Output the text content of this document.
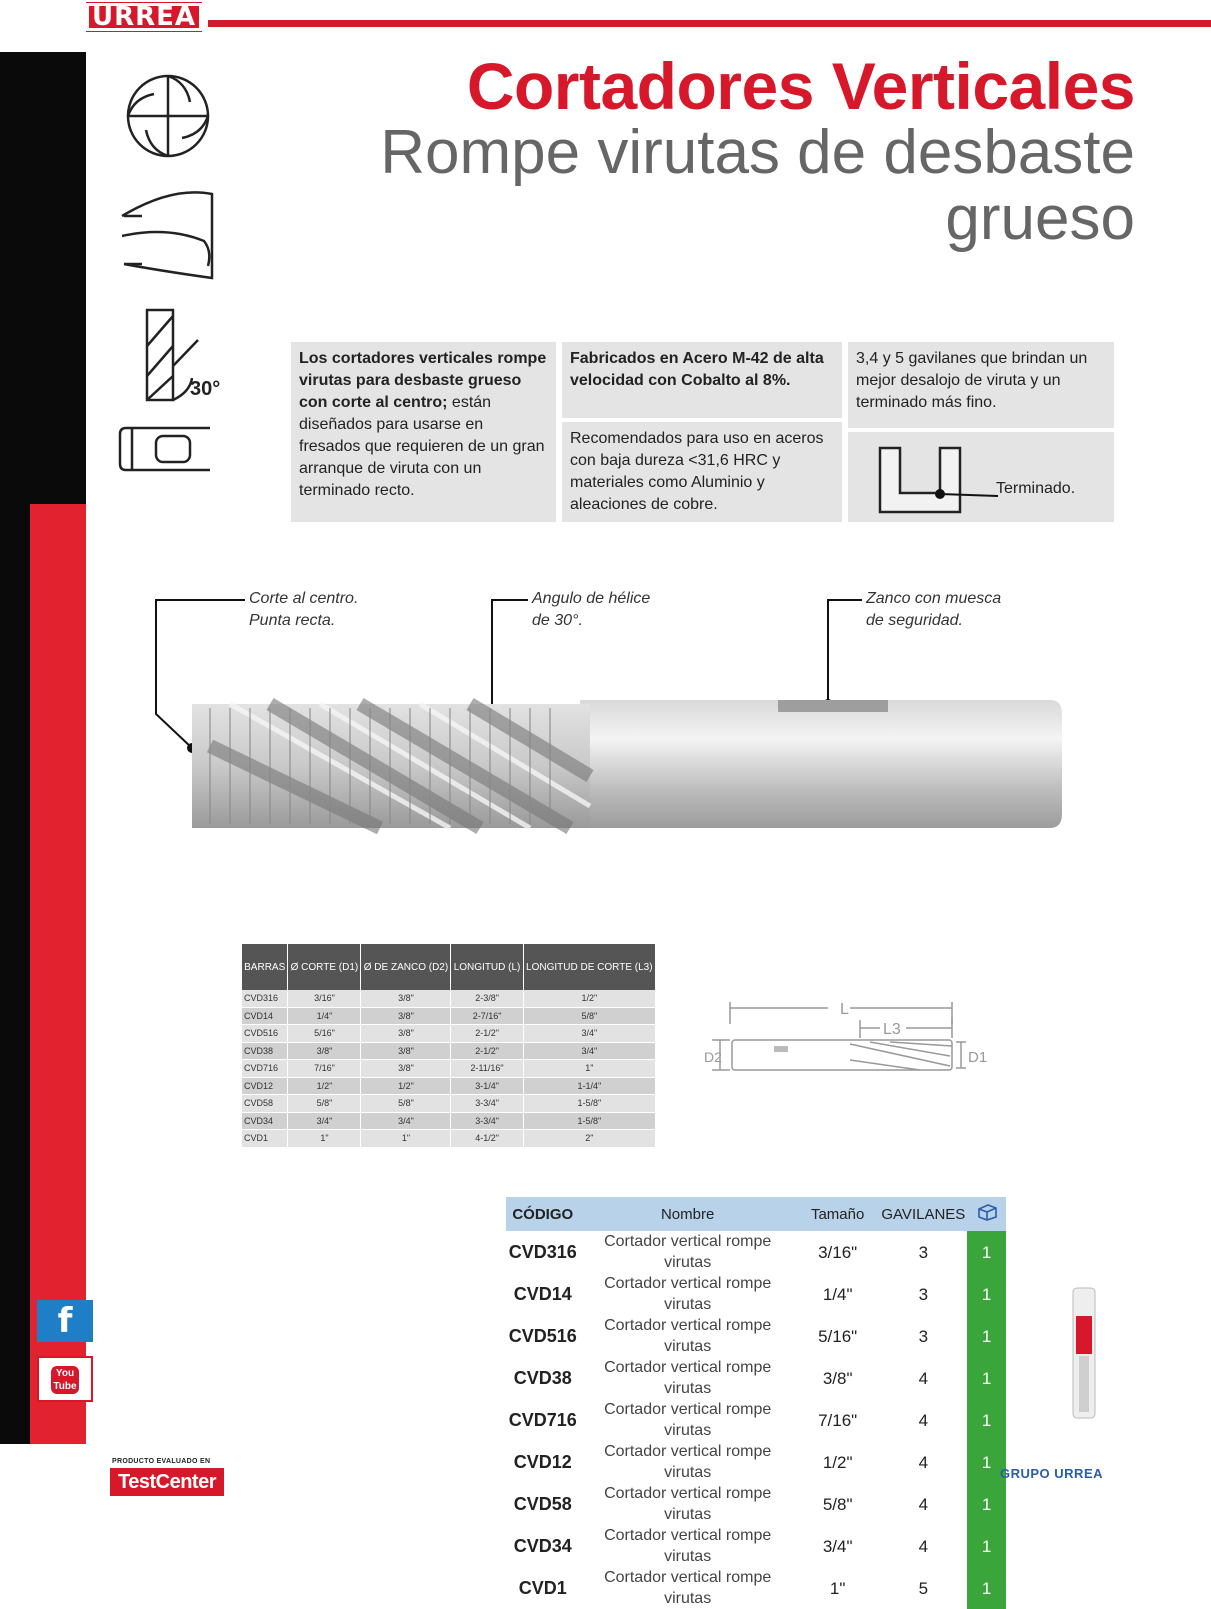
URREA
f
You Tube
30°
Cortadores Verticales
Rompe virutas de desbaste grueso
Los cortadores verticales rompe virutas para desbaste grueso con corte al centro; están diseñados para usarse en fresados que requieren de un gran arranque de viruta con un terminado recto.
Fabricados en Acero M-42 de alta velocidad con Cobalto al 8%.
Recomendados para uso en aceros con baja dureza <31,6 HRC y materiales como Aluminio y aleaciones de cobre.
3,4 y 5 gavilanes que brindan un mejor desalojo de viruta y un terminado más fino.
Terminado.
Corte al centro.
Punta recta.
Angulo de hélice
de 30°.
Zanco con muesca
de seguridad.
BARRAS	Ø CORTE (D1)	Ø DE ZANCO (D2)	LONGITUD (L)	LONGITUD DE CORTE (L3)
CVD316	3/16"	3/8"	2-3/8"	1/2"
CVD14	1/4"	3/8"	2-7/16"	5/8"
CVD516	5/16"	3/8"	2-1/2"	3/4"
CVD38	3/8"	3/8"	2-1/2"	3/4"
CVD716	7/16"	3/8"	2-11/16"	1"
CVD12	1/2"	1/2"	3-1/4"	1-1/4"
CVD58	5/8"	5/8"	3-3/4"	1-5/8"
CVD34	3/4"	3/4"	3-3/4"	1-5/8"
CVD1	1"	1"	4-1/2"	2"
L
L3
D2	D1
CÓDIGO	Nombre	Tamaño	GAVILANES	
CVD316	Cortador vertical rompe virutas	3/16"	3	1
CVD14	Cortador vertical rompe virutas	1/4"	3	1
CVD516	Cortador vertical rompe virutas	5/16"	3	1
CVD38	Cortador vertical rompe virutas	3/8"	4	1
CVD716	Cortador vertical rompe virutas	7/16"	4	1
CVD12	Cortador vertical rompe virutas	1/2"	4	1
CVD58	Cortador vertical rompe virutas	5/8"	4	1
CVD34	Cortador vertical rompe virutas	3/4"	4	1
CVD1	Cortador vertical rompe virutas	1"	5	1
PRODUCTO EVALUADO EN
TestCenter	GRUPO URREA
